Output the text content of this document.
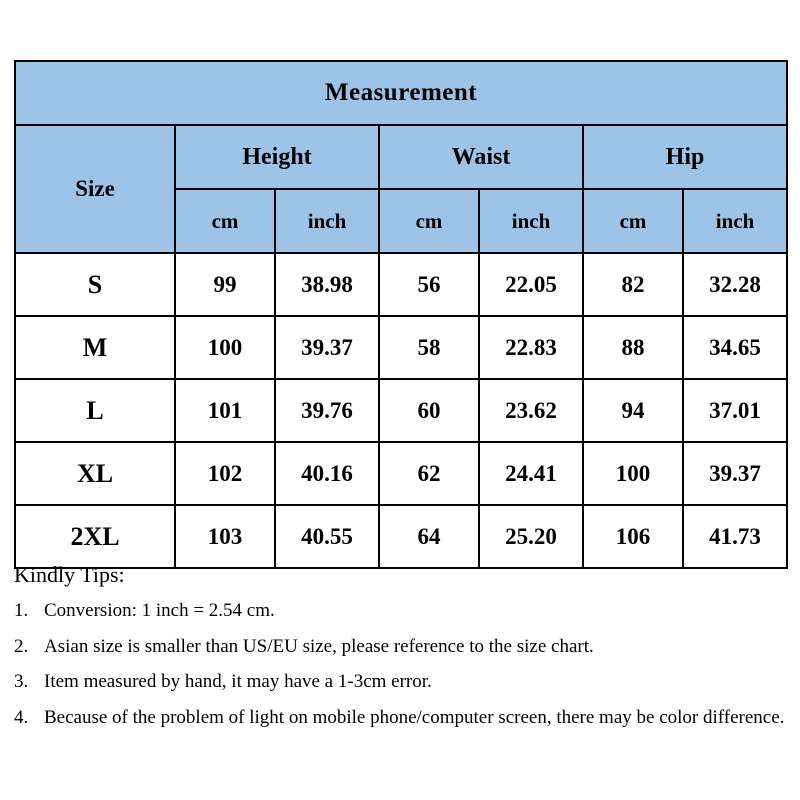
Measurement						
Size	Height		Waist		Hip	
	cm	inch	cm	inch	cm	inch
S	99	38.98	56	22.05	82	32.28
M	100	39.37	58	22.83	88	34.65
L	101	39.76	60	23.62	94	37.01
XL	102	40.16	62	24.41	100	39.37
2XL	103	40.55	64	25.20	106	41.73

Kindly Tips:

1. Conversion: 1 inch = 2.54 cm.
2. Asian size is smaller than US/EU size, please reference to the size chart.
3. Item measured by hand, it may have a 1-3cm error.
4. Because of the problem of light on mobile phone/computer screen, there may be color difference.
